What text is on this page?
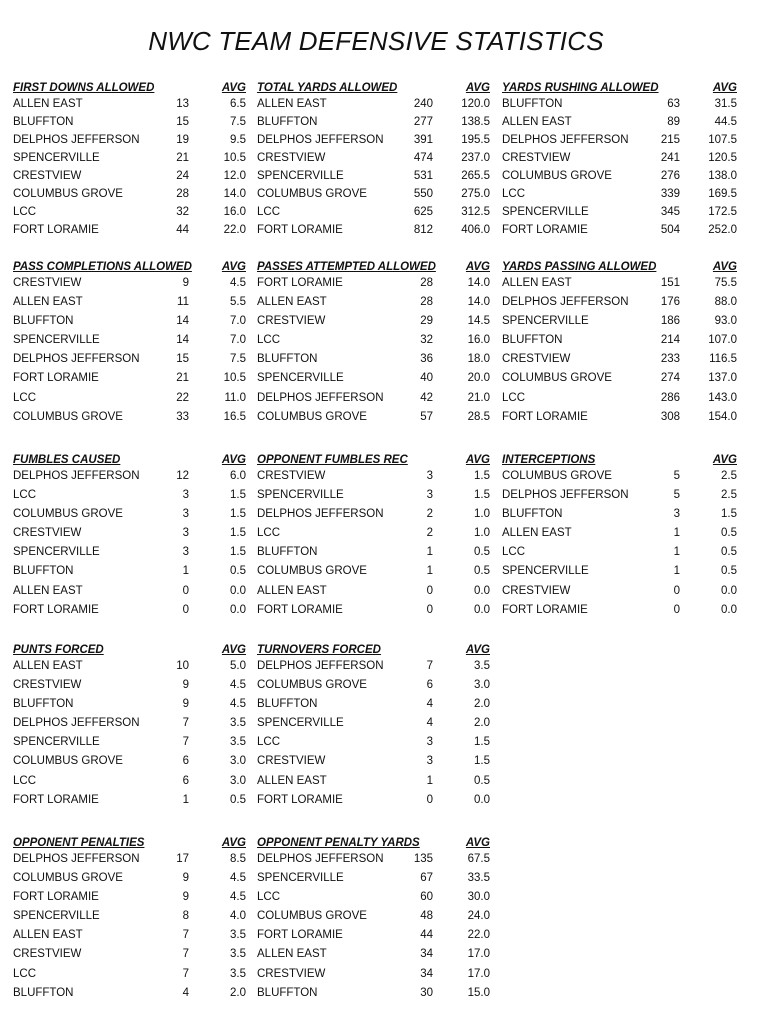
NWC TEAM DEFENSIVE STATISTICS
FIRST DOWNS ALLOWED	AVG
ALLEN EAST	13	6.5
BLUFFTON	15	7.5
DELPHOS JEFFERSON	19	9.5
SPENCERVILLE	21	10.5
CRESTVIEW	24	12.0
COLUMBUS GROVE	28	14.0
LCC	32	16.0
FORT LORAMIE	44	22.0
TOTAL YARDS ALLOWED	AVG
ALLEN EAST	240 120.0
BLUFFTON	277 138.5
DELPHOS JEFFERSON	391 195.5
CRESTVIEW	474 237.0
SPENCERVILLE	531 265.5
COLUMBUS GROVE	550 275.0
LCC	625 312.5
FORT LORAMIE	812 406.0
YARDS RUSHING ALLOWED	AVG
BLUFFTON	63	31.5
ALLEN EAST	89	44.5
DELPHOS JEFFERSON	215 107.5
CRESTVIEW	241 120.5
COLUMBUS GROVE	276 138.0
LCC	339 169.5
SPENCERVILLE	345 172.5
FORT LORAMIE	504 252.0
PASS COMPLETIONS ALLOWED	AVG
CRESTVIEW	9	4.5
ALLEN EAST	11	5.5
BLUFFTON	14	7.0
SPENCERVILLE	14	7.0
DELPHOS JEFFERSON	15	7.5
FORT LORAMIE	21	10.5
LCC	22	11.0
COLUMBUS GROVE	33	16.5
PASSES ATTEMPTED ALLOWED	AVG
FORT LORAMIE	28	14.0
ALLEN EAST	28	14.0
CRESTVIEW	29	14.5
LCC	32	16.0
BLUFFTON	36	18.0
SPENCERVILLE	40	20.0
DELPHOS JEFFERSON	42	21.0
COLUMBUS GROVE	57	28.5
YARDS PASSING ALLOWED	AVG
ALLEN EAST	151	75.5
DELPHOS JEFFERSON	176	88.0
SPENCERVILLE	186	93.0
BLUFFTON	214 107.0
CRESTVIEW	233	116.5
COLUMBUS GROVE	274 137.0
LCC	286 143.0
FORT LORAMIE	308 154.0
FUMBLES CAUSED	AVG
DELPHOS JEFFERSON	12	6.0
LCC	3	1.5
COLUMBUS GROVE	3	1.5
CRESTVIEW	3	1.5
SPENCERVILLE	3	1.5
BLUFFTON	1	0.5
ALLEN EAST	0	0.0
FORT LORAMIE	0	0.0
OPPONENT FUMBLES REC	AVG
CRESTVIEW	3	1.5
SPENCERVILLE	3	1.5
DELPHOS JEFFERSON	2	1.0
LCC	2	1.0
BLUFFTON	1	0.5
COLUMBUS GROVE	1	0.5
ALLEN EAST	0	0.0
FORT LORAMIE	0	0.0
INTERCEPTIONS	AVG
COLUMBUS GROVE	5	2.5
DELPHOS JEFFERSON	5	2.5
BLUFFTON	3	1.5
ALLEN EAST	1	0.5
LCC	1	0.5
SPENCERVILLE	1	0.5
CRESTVIEW	0	0.0
FORT LORAMIE	0	0.0
PUNTS FORCED	AVG
ALLEN EAST	10	5.0
CRESTVIEW	9	4.5
BLUFFTON	9	4.5
DELPHOS JEFFERSON	7	3.5
SPENCERVILLE	7	3.5
COLUMBUS GROVE	6	3.0
LCC	6	3.0
FORT LORAMIE	1	0.5
TURNOVERS FORCED	AVG
DELPHOS JEFFERSON	7	3.5
COLUMBUS GROVE	6	3.0
BLUFFTON	4	2.0
SPENCERVILLE	4	2.0
LCC	3	1.5
CRESTVIEW	3	1.5
ALLEN EAST	1	0.5
FORT LORAMIE	0	0.0
OPPONENT PENALTIES	AVG
DELPHOS JEFFERSON	17	8.5
COLUMBUS GROVE	9	4.5
FORT LORAMIE	9	4.5
SPENCERVILLE	8	4.0
ALLEN EAST	7	3.5
CRESTVIEW	7	3.5
LCC	7	3.5
BLUFFTON	4	2.0
OPPONENT PENALTY YARDS	AVG
DELPHOS JEFFERSON	135	67.5
SPENCERVILLE	67	33.5
LCC	60	30.0
COLUMBUS GROVE	48	24.0
FORT LORAMIE	44	22.0
ALLEN EAST	34	17.0
CRESTVIEW	34	17.0
BLUFFTON	30	15.0
